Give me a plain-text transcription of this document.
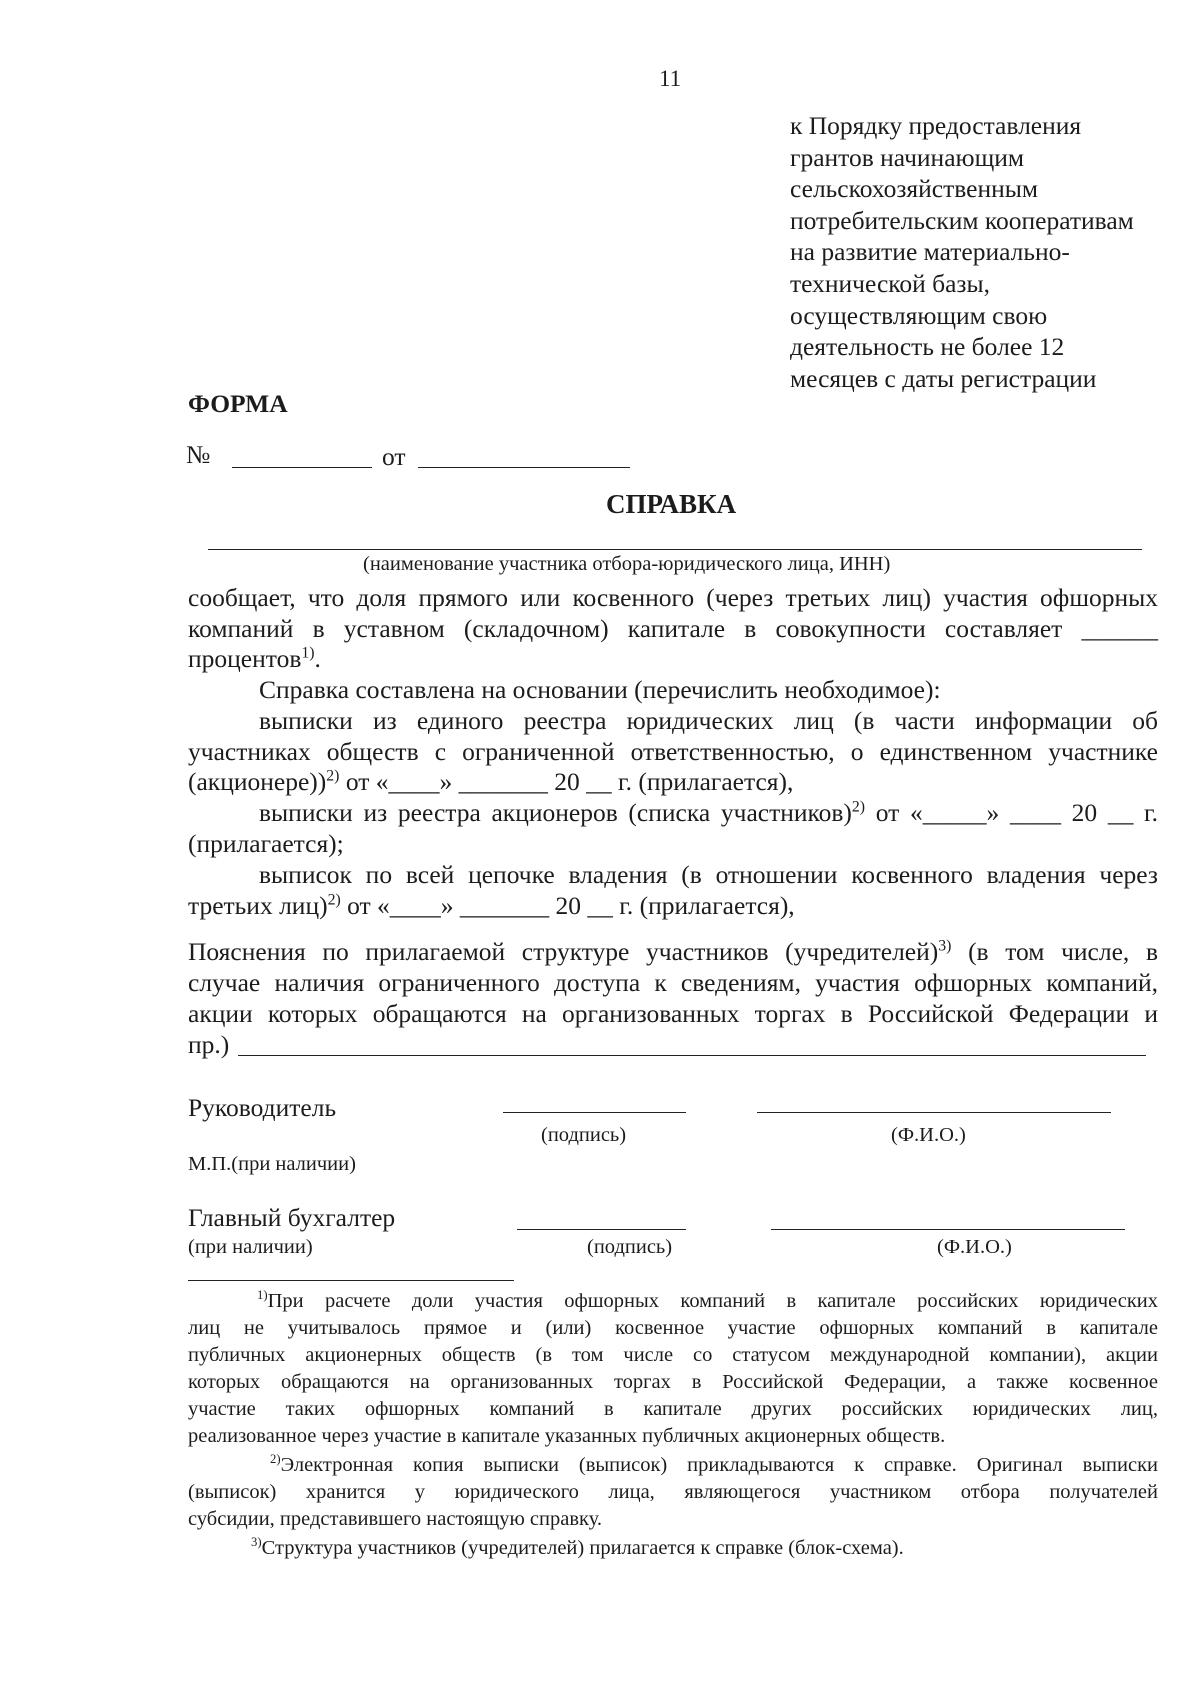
11
к Порядку предоставления
грантов начинающим
сельскохозяйственным
потребительским кооперативам
на развитие материально-
технической базы,
осуществляющим свою
деятельность не более 12
месяцев с даты регистрации
ФОРМА
№	от
СПРАВКА
(наименование участника отбора-юридического лица, ИНН)
сообщает, что доля прямого или косвенного (через третьих лиц) участия офшорных
компаний в уставном (складочном) капитале в совокупности составляет ______
процентов$^{1)}$.
Справка составлена на основании (перечислить необходимое):
выписки из единого реестра юридических лиц (в части информации об
участниках обществ с ограниченной ответственностью, о единственном участнике
(акционере))$^{2)}$ от «____» _______ 20 __ г. (прилагается),
выписки из реестра акционеров (списка участников)$^{2)}$ от «_____» ____ 20 __ г.
(прилагается);
выписок по всей цепочке владения (в отношении косвенного владения через
третьих лиц)$^{2)}$ от «____» _______ 20 __ г. (прилагается),
Пояснения по прилагаемой структуре участников (учредителей)$^{3)}$ (в том числе, в
случае наличия ограниченного доступа к сведениям, участия офшорных компаний,
акции которых обращаются на организованных торгах в Российской Федерации и
пр.)
Руководитель
(подпись)	(Ф.И.О.)
М.П.(при наличии)
Главный бухгалтер
(при наличии)	(подпись)	(Ф.И.О.)
$^{1)}$При расчете доли участия офшорных компаний в капитале российских юридических
лиц не учитывалось прямое и (или) косвенное участие офшорных компаний в капитале
публичных акционерных обществ (в том числе со статусом международной компании), акции
которых обращаются на организованных торгах в Российской Федерации, а также косвенное
участие таких офшорных компаний в капитале других российских юридических лиц,
реализованное через участие в капитале указанных публичных акционерных обществ.
$^{2)}$Электронная копия выписки (выписок) прикладываются к справке. Оригинал выписки
(выписок) хранится у юридического лица, являющегося участником отбора получателей
субсидии, представившего настоящую справку.
$^{3)}$Структура участников (учредителей) прилагается к справке (блок-схема).
